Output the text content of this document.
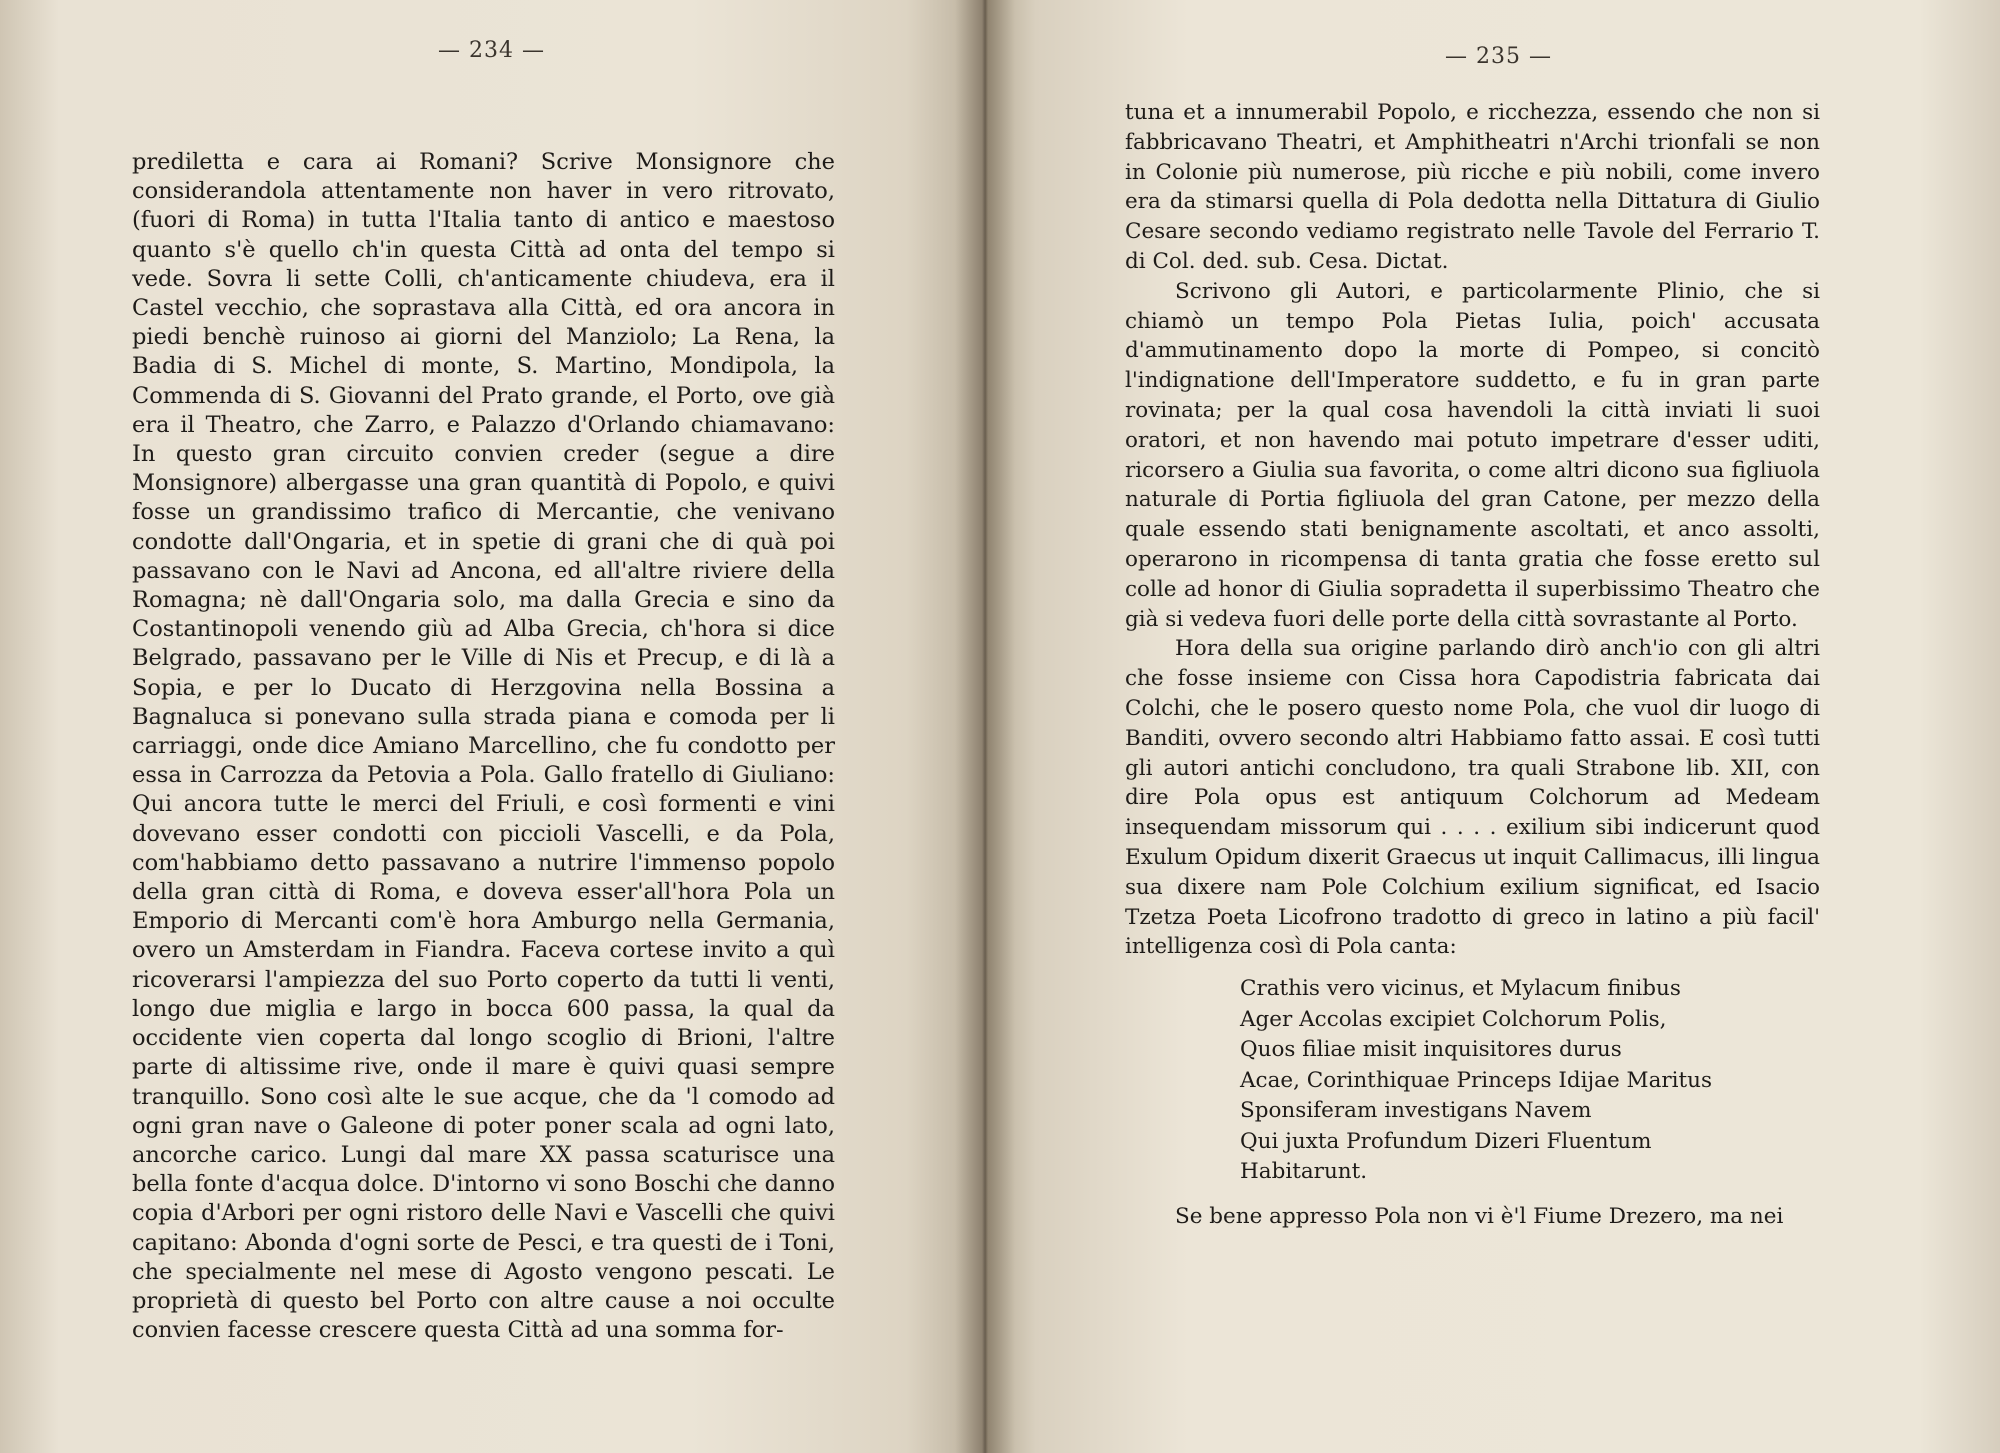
— 234 —

prediletta e cara ai Romani? Scrive Monsignore che considerandola attentamente non haver in vero ritrovato, (fuori di Roma) in tutta l'Italia tanto di antico e maestoso quanto s'è quello ch'in questa Città ad onta del tempo si vede. Sovra li sette Colli, ch'anticamente chiudeva, era il Castel vecchio, che soprastava alla Città, ed ora ancora in piedi benchè ruinoso ai giorni del Manziolo; La Rena, la Badia di S. Michel di monte, S. Martino, Mondipola, la Commenda di S. Giovanni del Prato grande, el Porto, ove già era il Theatro, che Zarro, e Palazzo d'Orlando chiamavano: In questo gran circuito convien creder (segue a dire Monsignore) albergasse una gran quantità di Popolo, e quivi fosse un grandissimo trafico di Mercantie, che venivano condotte dall'Ongaria, et in spetie di grani che di quà poi passavano con le Navi ad Ancona, ed all'altre riviere della Romagna; nè dall'Ongaria solo, ma dalla Grecia e sino da Costantinopoli venendo giù ad Alba Grecia, ch'hora si dice Belgrado, passavano per le Ville di Nis et Precup, e di là a Sopia, e per lo Ducato di Herzgovina nella Bossina a Bagnaluca si ponevano sulla strada piana e comoda per li carriaggi, onde dice Amiano Marcellino, che fu condotto per essa in Carrozza da Petovia a Pola. Gallo fratello di Giuliano: Qui ancora tutte le merci del Friuli, e così formenti e vini dovevano esser condotti con piccioli Vascelli, e da Pola, com'habbiamo detto passavano a nutrire l'immenso popolo della gran città di Roma, e doveva esser'all'hora Pola un Emporio di Mercanti com'è hora Amburgo nella Germania, overo un Amsterdam in Fiandra. Faceva cortese invito a quì ricoverarsi l'ampiezza del suo Porto coperto da tutti li venti, longo due miglia e largo in bocca 600 passa, la qual da occidente vien coperta dal longo scoglio di Brioni, l'altre parte di altissime rive, onde il mare è quivi quasi sempre tranquillo. Sono così alte le sue acque, che da 'l comodo ad ogni gran nave o Galeone di poter poner scala ad ogni lato, ancorche carico. Lungi dal mare XX passa scaturisce una bella fonte d'acqua dolce. D'intorno vi sono Boschi che danno copia d'Arbori per ogni ristoro delle Navi e Vascelli che quivi capitano: Abonda d'ogni sorte de Pesci, e tra questi de i Toni, che specialmente nel mese di Agosto vengono pescati. Le proprietà di questo bel Porto con altre cause a noi occulte convien facesse crescere questa Città ad una somma for-

— 235 —

tuna et a innumerabil Popolo, e ricchezza, essendo che non si fabbricavano Theatri, et Amphitheatri n'Archi trionfali se non in Colonie più numerose, più ricche e più nobili, come invero era da stimarsi quella di Pola dedotta nella Dittatura di Giulio Cesare secondo vediamo registrato nelle Tavole del Ferrario T. di Col. ded. sub. Cesa. Dictat.

Scrivono gli Autori, e particolarmente Plinio, che si chiamò un tempo Pola Pietas Iulia, poich' accusata d'ammutinamento dopo la morte di Pompeo, si concitò l'indignatione dell'Imperatore suddetto, e fu in gran parte rovinata; per la qual cosa havendoli la città inviati li suoi oratori, et non havendo mai potuto impetrare d'esser uditi, ricorsero a Giulia sua favorita, o come altri dicono sua figliuola naturale di Portia figliuola del gran Catone, per mezzo della quale essendo stati benignamente ascoltati, et anco assolti, operarono in ricompensa di tanta gratia che fosse eretto sul colle ad honor di Giulia sopradetta il superbissimo Theatro che già si vedeva fuori delle porte della città sovrastante al Porto.

Hora della sua origine parlando dirò anch'io con gli altri che fosse insieme con Cissa hora Capodistria fabricata dai Colchi, che le posero questo nome Pola, che vuol dir luogo di Banditi, ovvero secondo altri Habbiamo fatto assai. E così tutti gli autori antichi concludono, tra quali Strabone lib. XII, con dire Pola opus est antiquum Colchorum ad Medeam insequendam missorum qui . . . . exilium sibi indicerunt quod Exulum Opidum dixerit Graecus ut inquit Callimacus, illi lingua sua dixere nam Pole Colchium exilium significat, ed Isacio Tzetza Poeta Licofrono tradotto di greco in latino a più facil' intelligenza così di Pola canta:

Crathis vero vicinus, et Mylacum finibus
Ager Accolas excipiet Colchorum Polis,
Quos filiae misit inquisitores durus
Acae, Corinthiquae Princeps Idijae Maritus
Sponsiferam investigans Navem
Qui juxta Profundum Dizeri Fluentum
Habitarunt.

Se bene appresso Pola non vi è'l Fiume Drezero, ma nei
